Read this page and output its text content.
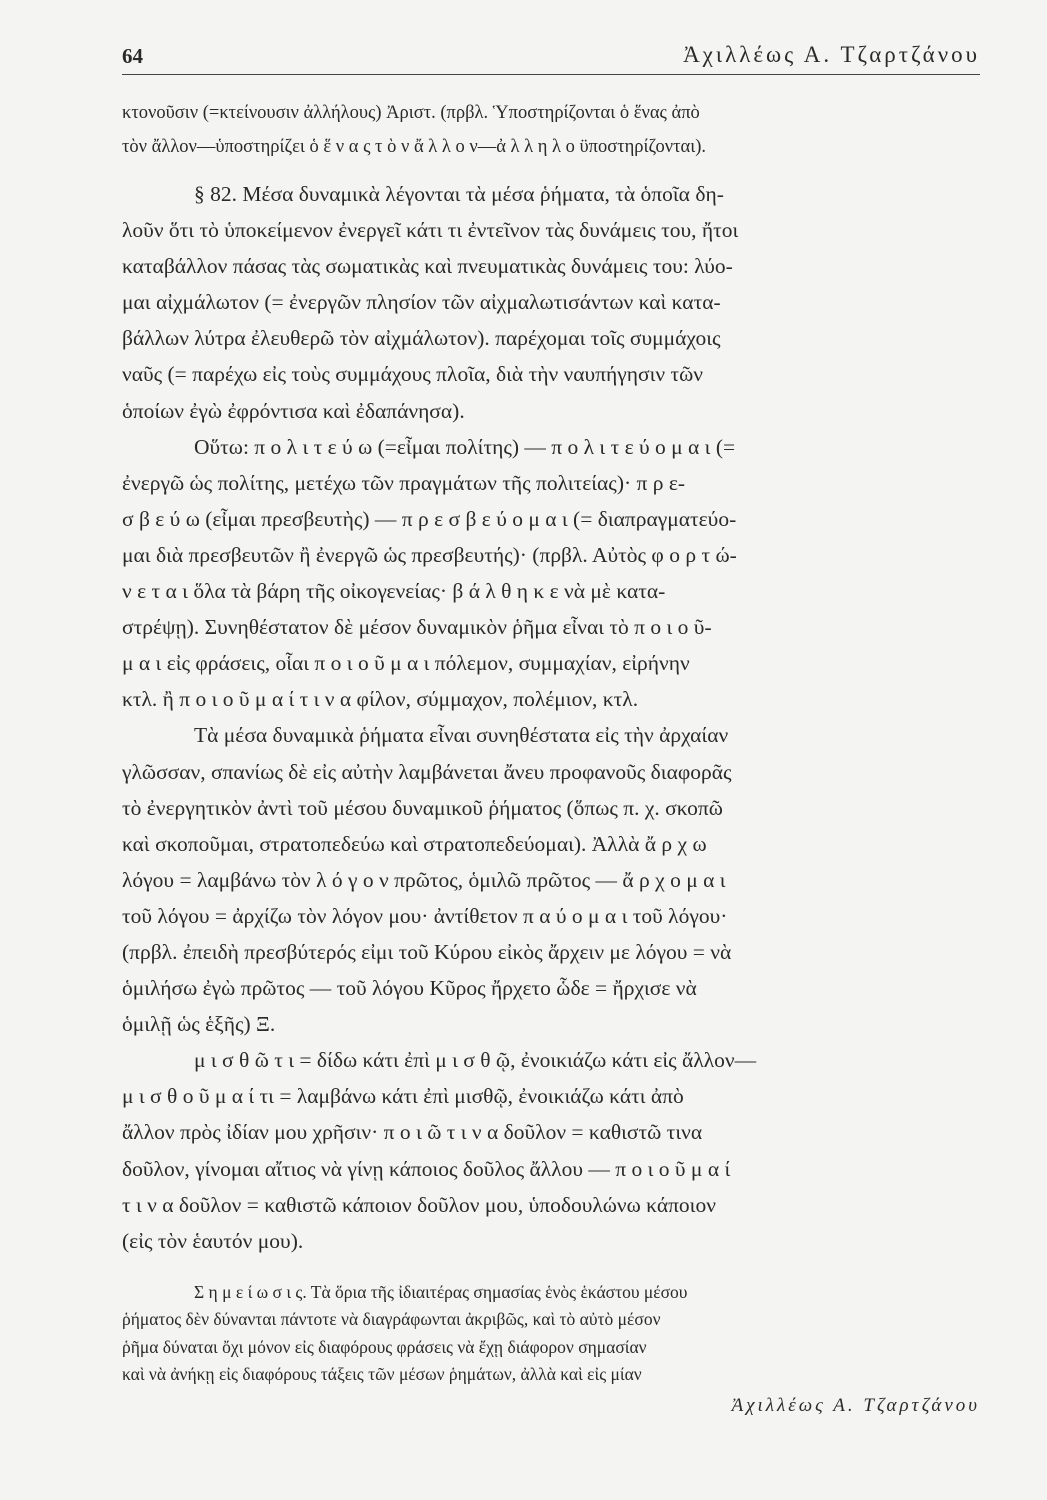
64	Ἀχιλλέως Α. Τζαρτζάνου
κτονοῦσιν (=κτείνουσιν ἀλλήλους) Ἀριστ. (πρβλ. Ὑποστηρίζονται ὁ ἕνας ἀπὸ
τὸν ἄλλον—ὑποστηρίζει ὁ ἕ ν α ς τ ὸ ν ἄ λ λ ο ν—ἀ λ λ η λ ο ϋποστηρίζονται).
§ 82. Μέσα δυναμικὰ λέγονται τὰ μέσα ῥήματα, τὰ ὁποῖα δη-
λοῦν ὅτι τὸ ὑποκείμενον ἐνεργεῖ κάτι τι ἐντεῖνον τὰς δυνάμεις του, ἤτοι
καταβάλλον πάσας τὰς σωματικὰς καὶ πνευματικὰς δυνάμεις του: λύο-
μαι αἰχμάλωτον (= ἐνεργῶν πλησίον τῶν αἰχμαλωτισάντων καὶ κατα-
βάλλων λύτρα ἐλευθερῶ τὸν αἰχμάλωτον). παρέχομαι τοῖς συμμάχοις
ναῦς (= παρέχω εἰς τοὺς συμμάχους πλοῖα, διὰ τὴν ναυπήγησιν τῶν
ὁποίων ἐγὼ ἐφρόντισα καὶ ἐδαπάνησα).
Οὕτω: π ο λ ι τ ε ύ ω (=εἶμαι πολίτης) — π ο λ ι τ ε ύ ο μ α ι (=
ἐνεργῶ ὡς πολίτης, μετέχω τῶν πραγμάτων τῆς πολιτείας)· π ρ ε-
σ β ε ύ ω (εἶμαι πρεσβευτὴς) — π ρ ε σ β ε ύ ο μ α ι (= διαπραγματεύο-
μαι διὰ πρεσβευτῶν ἢ ἐνεργῶ ὡς πρεσβευτής)· (πρβλ. Αὐτὸς φ ο ρ τ ώ-
ν ε τ α ι ὅλα τὰ βάρη τῆς οἰκογενείας· β ά λ θ η κ ε νὰ μὲ κατα-
στρέψῃ). Συνηθέστατον δὲ μέσον δυναμικὸν ῥῆμα εἶναι τὸ π ο ι ο ῦ-
μ α ι εἰς φράσεις, οἷαι π ο ι ο ῦ μ α ι πόλεμον, συμμαχίαν, εἰρήνην
κτλ. ἢ π ο ι ο ῦ μ α ί τ ι ν α φίλον, σύμμαχον, πολέμιον, κτλ.
Τὰ μέσα δυναμικὰ ῥήματα εἶναι συνηθέστατα εἰς τὴν ἀρχαίαν
γλῶσσαν, σπανίως δὲ εἰς αὐτὴν λαμβάνεται ἄνευ προφανοῦς διαφορᾶς
τὸ ἐνεργητικὸν ἀντὶ τοῦ μέσου δυναμικοῦ ῥήματος (ὅπως π. χ. σκοπῶ
καὶ σκοποῦμαι, στρατοπεδεύω καὶ στρατοπεδεύομαι). Ἀλλὰ ἄ ρ χ ω
λόγου = λαμβάνω τὸν λ ό γ ο ν πρῶτος, ὁμιλῶ πρῶτος — ἄ ρ χ ο μ α ι
τοῦ λόγου = ἀρχίζω τὸν λόγον μου· ἀντίθετον π α ύ ο μ α ι τοῦ λόγου·
(πρβλ. ἐπειδὴ πρεσβύτερός εἰμι τοῦ Κύρου εἰκὸς ἄρχειν με λόγου = νὰ
ὁμιλήσω ἐγὼ πρῶτος — τοῦ λόγου Κῦρος ἤρχετο ὧδε = ἤρχισε νὰ
ὁμιλῇ ὡς ἑξῆς) Ξ.
μ ι σ θ ῶ τ ι = δίδω κάτι ἐπὶ μ ι σ θ ῷ, ἐνοικιάζω κάτι εἰς ἄλλον—
μ ι σ θ ο ῦ μ α ί τι = λαμβάνω κάτι ἐπὶ μισθῷ, ἐνοικιάζω κάτι ἀπὸ
ἄλλον πρὸς ἰδίαν μου χρῆσιν· π ο ι ῶ τ ι ν α δοῦλον = καθιστῶ τινα
δοῦλον, γίνομαι αἴτιος νὰ γίνῃ κάποιος δοῦλος ἄλλου — π ο ι ο ῦ μ α ί
τ ι ν α δοῦλον = καθιστῶ κάποιον δοῦλον μου, ὑποδουλώνω κάποιον
(εἰς τὸν ἑαυτόν μου).
Σ η μ ε ί ω σ ι ς. Τὰ ὅρια τῆς ἰδιαιτέρας σημασίας ἑνὸς ἑκάστου μέσου
ῥήματος δὲν δύνανται πάντοτε νὰ διαγράφωνται ἀκριβῶς, καὶ τὸ αὐτὸ μέσον
ῥῆμα δύναται ὄχι μόνον εἰς διαφόρους φράσεις νὰ ἔχῃ διάφορον σημασίαν
καὶ νὰ ἀνήκῃ εἰς διαφόρους τάξεις τῶν μέσων ῥημάτων, ἀλλὰ καὶ εἰς μίαν
Ἀχιλλέως Α. Τζαρτζάνου
